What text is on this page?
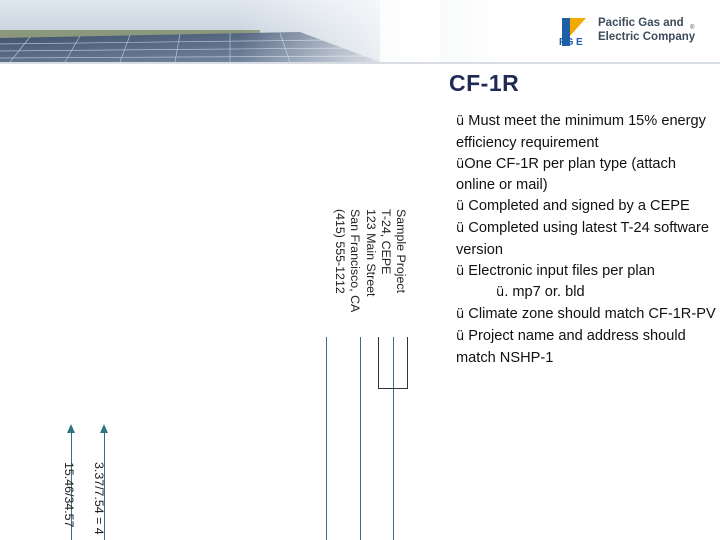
PG E
Pacific Gas and
Electric Company
®
CF-1R
ü Must meet the minimum 15% energy efficiency requirement
üOne CF-1R per plan type (attach online or mail)
ü Completed and signed by a CEPE
ü Completed using latest T-24 software version
ü Electronic input files per plan
ü. mp7 or. bld
ü Climate zone should match CF-1R-PV
ü Project name and address should match NSHP-1
Sample Project
T-24, CEPE
123 Main Street
San Francisco, CA
(415) 555-1212
3.37/7.54 = 4
15.46/34.57
